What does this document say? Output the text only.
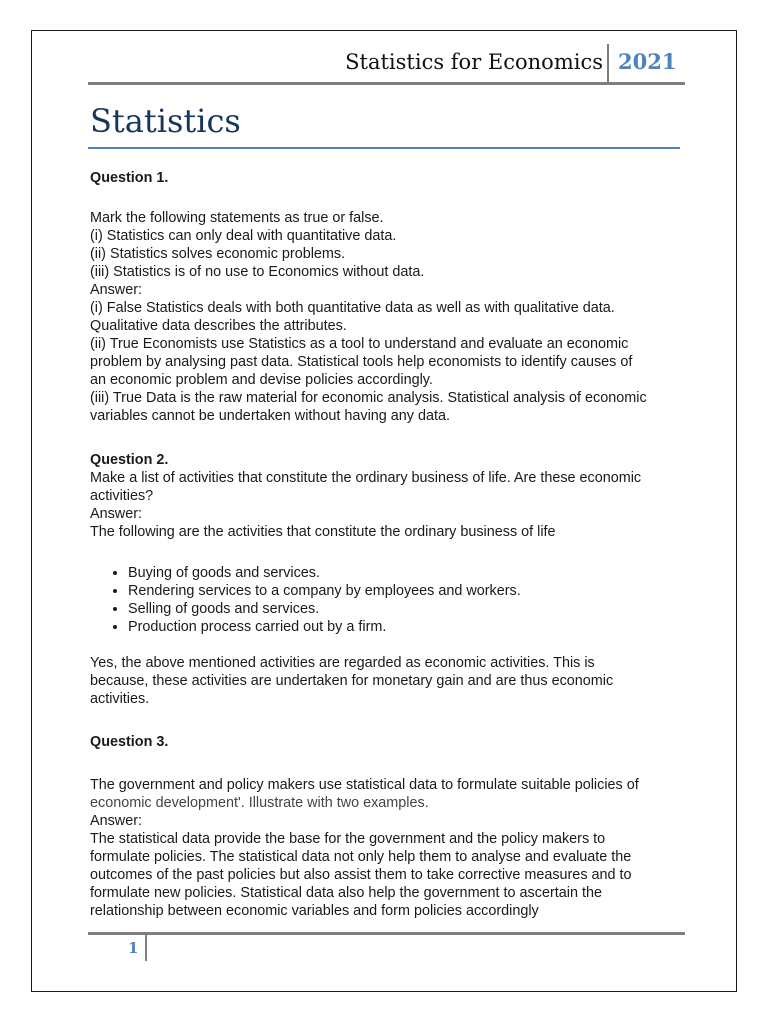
Statistics for Economics 2021
Statistics

Question 1.

Mark the following statements as true or false.

(i) Statistics can only deal with quantitative data.

(ii) Statistics solves economic problems.

(iii) Statistics is of no use to Economics without data.

Answer:

(i) False Statistics deals with both quantitative data as well as with qualitative data.

Qualitative data describes the attributes.

(ii) True Economists use Statistics as a tool to understand and evaluate an economic

problem by analysing past data. Statistical tools help economists to identify causes of

an economic problem and devise policies accordingly.

(iii) True Data is the raw material for economic analysis. Statistical analysis of economic

variables cannot be undertaken without having any data.

Question 2.

Make a list of activities that constitute the ordinary business of life. Are these economic

activities?

Answer:

The following are the activities that constitute the ordinary business of life

• Buying of goods and services.
• Rendering services to a company by employees and workers.
• Selling of goods and services.
• Production process carried out by a firm.

Yes, the above mentioned activities are regarded as economic activities. This is

because, these activities are undertaken for monetary gain and are thus economic

activities.

Question 3.

The government and policy makers use statistical data to formulate suitable policies of

economic development'. Illustrate with two examples.

Answer:

The statistical data provide the base for the government and the policy makers to

formulate policies. The statistical data not only help them to analyse and evaluate the

outcomes of the past policies but also assist them to take corrective measures and to

formulate new policies. Statistical data also help the government to ascertain the

relationship between economic variables and form policies accordingly

1
